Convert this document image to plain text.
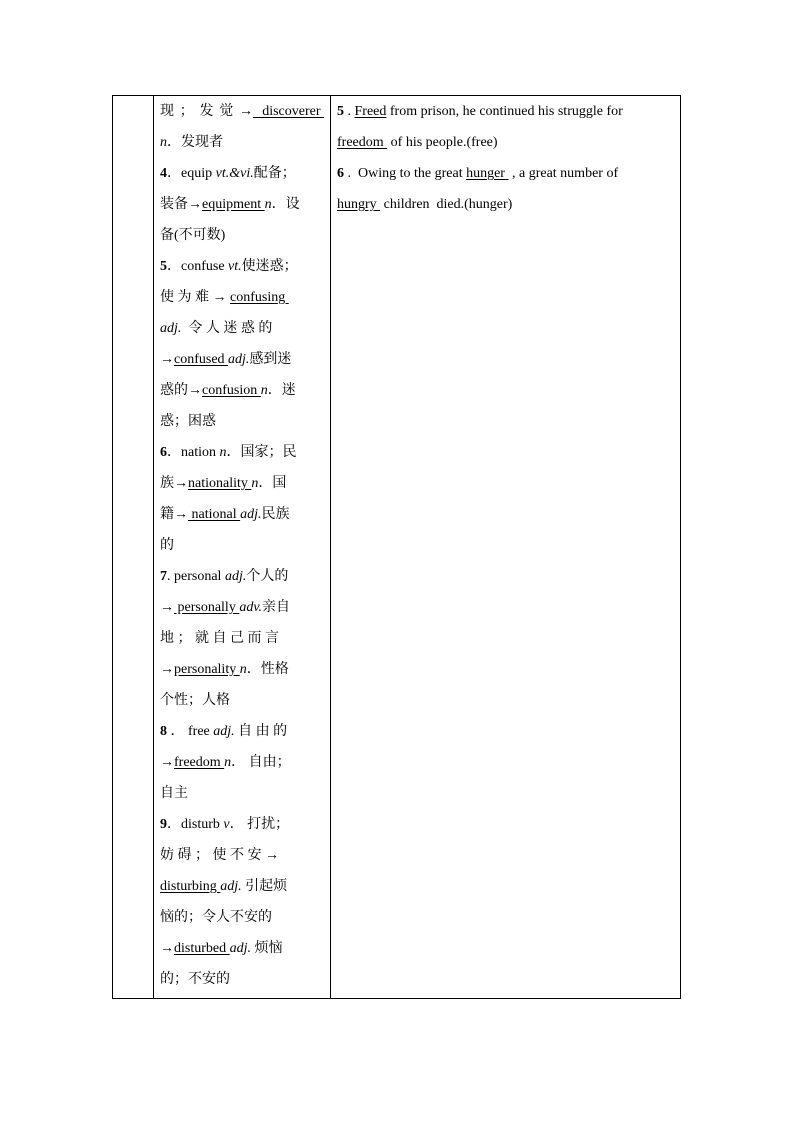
现；发觉→ discoverer
n．发现者
4．equip vt.&vi.配备；
装备→equipment n．设
备(不可数)
5．confuse vt.使迷惑；
使 为 难 → confusing
adj.  令 人 迷 惑 的
→confused adj.感到迷
惑的→confusion n．迷
惑；困惑
6．nation n．国家；民
族→nationality n．国
籍→ national adj.民族
的
7. personal adj.个人的
→ personally adv.亲自
地 ； 就 自 己 而 言
→personality n．性格
个性；人格
8 ． free adj. 自 由 的
→freedom n． 自由；
自主
9．disturb v． 打扰；
妨 碍 ； 使 不 安 →
disturbing adj. 引起烦
恼的；令人不安的
→disturbed adj. 烦恼
的；不安的

5 . Freed from prison, he continued his struggle for
freedom  of his people.(free)
6 .  Owing to the great hunger  , a great number of
hungry  children  died.(hunger)
